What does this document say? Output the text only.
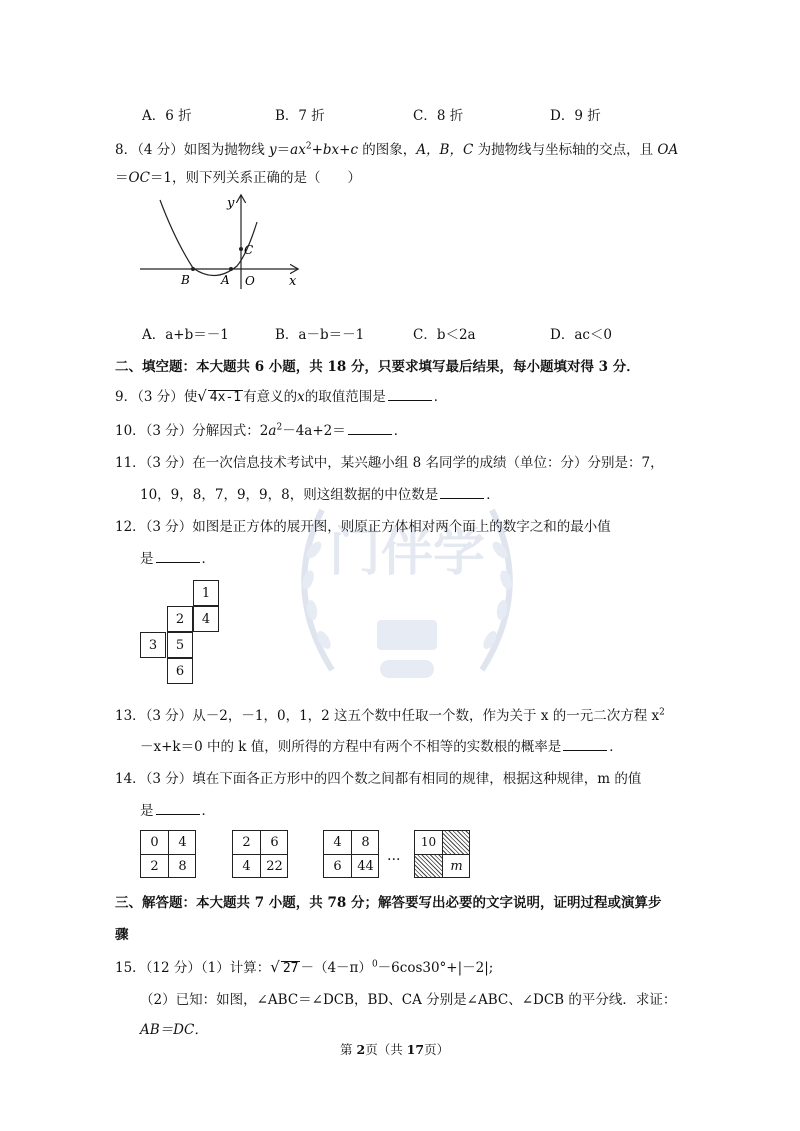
门伴学
A．6 折	B．7 折	C．8 折	D．9 折
8．（4 分）如图为抛物线 $y=ax^2+bx+c$ 的图象，A，B，C 为抛物线与坐标轴的交点，且 OA
＝OC＝1，则下列关系正确的是（　　）
y
x
B	A O
C
A．a+b＝－1	B．a－b＝－1	C．b＜2a	D．ac＜0
二、填空题：本大题共 6 小题，共 18 分，只要求填写最后结果，每小题填对得 3 分．
9．（3 分）使√ 4x-1 有意义的x的取值范围是	．
10．（3 分）分解因式：$2a^2-4a+2=$	．
11．（3 分）在一次信息技术考试中，某兴趣小组 8 名同学的成绩（单位：分）分别是：7，
10，9，8，7，9，9，8，则这组数据的中位数是	．
12．（3 分）如图是正方体的展开图，则原正方体相对两个面上的数字之和的最小值
是	．
1
2	4
3	5
6
13．（3 分）从－2，－1，0，1，2 这五个数中任取一个数，作为关于 x 的一元二次方程 $x^2$
－x+k＝0 中的 k 值，则所得的方程中有两个不相等的实数根的概率是	．
14．（3 分）填在下面各正方形中的四个数之间都有相同的规律，根据这种规律，m 的值
是	．
0	4
2	8
2	6
4	22
4	8
6	44
…
10
m
三、解答题：本大题共 7 小题，共 78 分；解答要写出必要的文字说明，证明过程或演算步
骤
15．（12 分）（1）计算：√ $27 -(4-\pi)^0-6\cos 30^\circ+|-2|$;
（2）已知：如图，∠ABC＝∠DCB，BD、CA 分别是∠ABC、∠DCB 的平分线．求证：
AB＝DC．
第 2页（共 17页）
